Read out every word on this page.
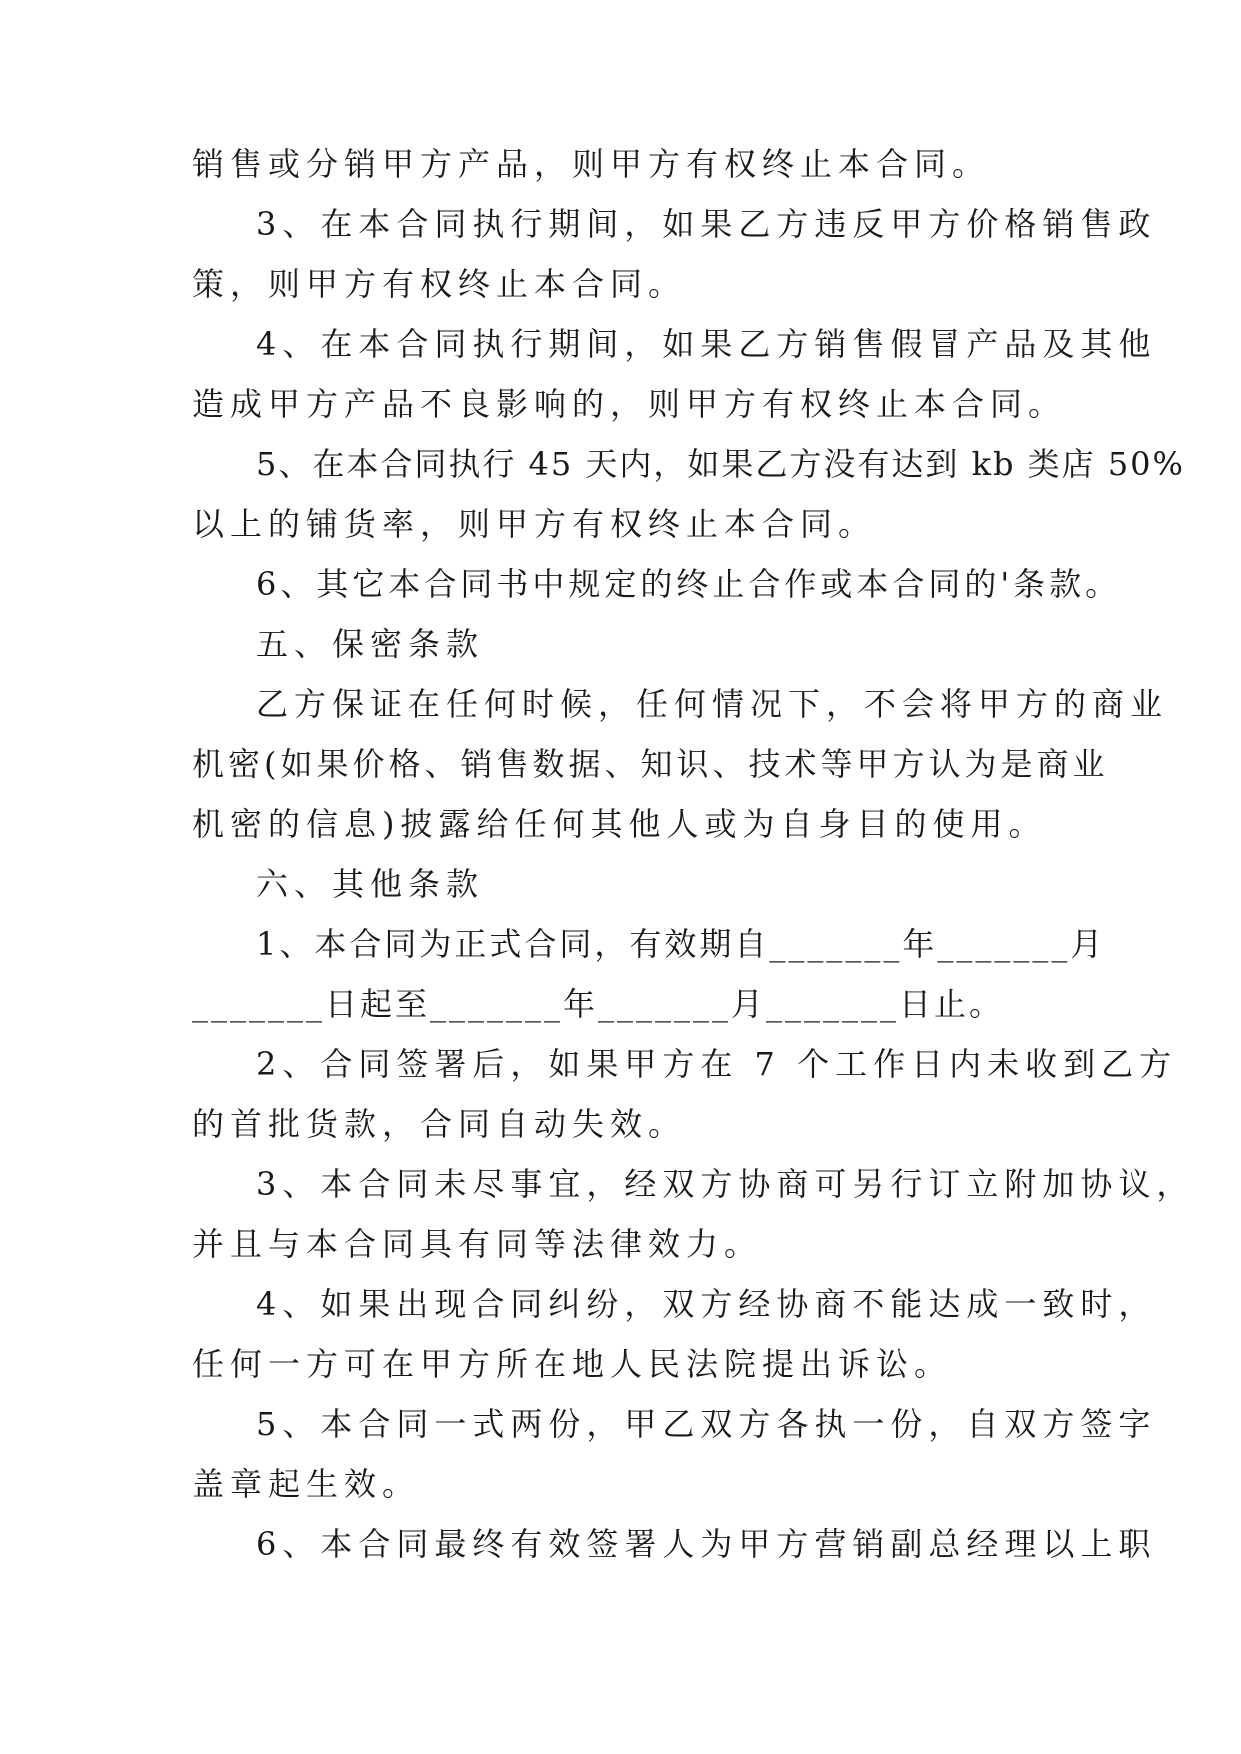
销售或分销甲方产品，则甲方有权终止本合同。
3、在本合同执行期间，如果乙方违反甲方价格销售政
策，则甲方有权终止本合同。
4、在本合同执行期间，如果乙方销售假冒产品及其他
造成甲方产品不良影响的，则甲方有权终止本合同。
5、在本合同执行 45 天内，如果乙方没有达到 kb 类店 50%
以上的铺货率，则甲方有权终止本合同。
6、其它本合同书中规定的终止合作或本合同的'条款。
五、保密条款
乙方保证在任何时候，任何情况下，不会将甲方的商业
机密(如果价格、销售数据、知识、技术等甲方认为是商业
机密的信息)披露给任何其他人或为自身目的使用。
六、其他条款
1、本合同为正式合同，有效期自_______年_______月
_______日起至_______年_______月_______日止。
2、合同签署后，如果甲方在 7 个工作日内未收到乙方
的首批货款，合同自动失效。
3、本合同未尽事宜，经双方协商可另行订立附加协议，
并且与本合同具有同等法律效力。
4、如果出现合同纠纷，双方经协商不能达成一致时，
任何一方可在甲方所在地人民法院提出诉讼。
5、本合同一式两份，甲乙双方各执一份，自双方签字
盖章起生效。
6、本合同最终有效签署人为甲方营销副总经理以上职
